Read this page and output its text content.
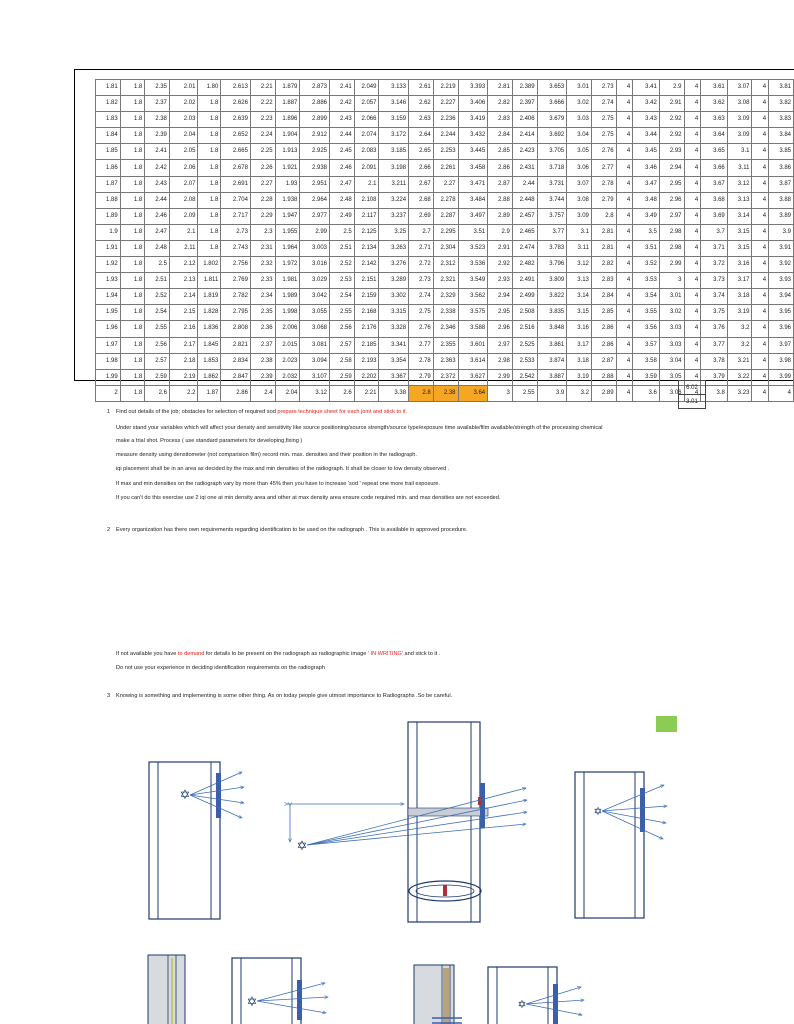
1.81	1.8	2.35	2.01	1.80	2.613	2.21	1.879	2.873	2.41	2.049	3.133	2.61	2.219	3.393	2.81	2.389	3.653	3.01	2.73	4	3.41	2.9	4	3.61	3.07	4	3.81
1.82	1.8	2.37	2.02	1.8	2.626	2.22	1.887	2.886	2.42	2.057	3.146	2.62	2.227	3.406	2.82	2.397	3.666	3.02	2.74	4	3.42	2.91	4	3.62	3.08	4	3.82
1.83	1.8	2.38	2.03	1.8	2.639	2.23	1.896	2.899	2.43	2.066	3.159	2.63	2.236	3.419	2.83	2.406	3.679	3.03	2.75	4	3.43	2.92	4	3.63	3.09	4	3.83
1.84	1.8	2.39	2.04	1.8	2.652	2.24	1.904	2.912	2.44	2.074	3.172	2.64	2.244	3.432	2.84	2.414	3.692	3.04	2.75	4	3.44	2.92	4	3.64	3.09	4	3.84
1.85	1.8	2.41	2.05	1.8	2.665	2.25	1.913	2.925	2.45	2.083	3.185	2.65	2.253	3.445	2.85	2.423	3.705	3.05	2.76	4	3.45	2.93	4	3.65	3.1	4	3.85
1.86	1.8	2.42	2.06	1.8	2.678	2.26	1.921	2.938	2.46	2.091	3.198	2.66	2.261	3.458	2.86	2.431	3.718	3.06	2.77	4	3.46	2.94	4	3.66	3.11	4	3.86
1.87	1.8	2.43	2.07	1.8	2.691	2.27	1.93	2.951	2.47	2.1	3.211	2.67	2.27	3.471	2.87	2.44	3.731	3.07	2.78	4	3.47	2.95	4	3.67	3.12	4	3.87
1.88	1.8	2.44	2.08	1.8	2.704	2.28	1.938	2.964	2.48	2.108	3.224	2.68	2.278	3.484	2.88	2.448	3.744	3.08	2.79	4	3.48	2.96	4	3.68	3.13	4	3.88
1.89	1.8	2.46	2.09	1.8	2.717	2.29	1.947	2.977	2.49	2.117	3.237	2.69	2.287	3.497	2.89	2.457	3.757	3.09	2.8	4	3.49	2.97	4	3.69	3.14	4	3.89
1.9	1.8	2.47	2.1	1.8	2.73	2.3	1.955	2.99	2.5	2.125	3.25	2.7	2.295	3.51	2.9	2.465	3.77	3.1	2.81	4	3.5	2.98	4	3.7	3.15	4	3.9
1.91	1.8	2.48	2.11	1.8	2.743	2.31	1.964	3.003	2.51	2.134	3.263	2.71	2.304	3.523	2.91	2.474	3.783	3.11	2.81	4	3.51	2.98	4	3.71	3.15	4	3.91
1.92	1.8	2.5	2.12	1.802	2.756	2.32	1.972	3.016	2.52	2.142	3.276	2.72	2.312	3.536	2.92	2.482	3.796	3.12	2.82	4	3.52	2.99	4	3.72	3.16	4	3.92
1.93	1.8	2.51	2.13	1.811	2.769	2.33	1.981	3.029	2.53	2.151	3.289	2.73	2.321	3.549	2.93	2.491	3.809	3.13	2.83	4	3.53	3	4	3.73	3.17	4	3.93
1.94	1.8	2.52	2.14	1.819	2.782	2.34	1.989	3.042	2.54	2.159	3.302	2.74	2.329	3.562	2.94	2.499	3.822	3.14	2.84	4	3.54	3.01	4	3.74	3.18	4	3.94
1.95	1.8	2.54	2.15	1.828	2.795	2.35	1.998	3.055	2.55	2.168	3.315	2.75	2.338	3.575	2.95	2.508	3.835	3.15	2.85	4	3.55	3.02	4	3.75	3.19	4	3.95
1.96	1.8	2.55	2.16	1.836	2.808	2.36	2.006	3.068	2.56	2.176	3.328	2.76	2.346	3.588	2.96	2.516	3.848	3.16	2.86	4	3.56	3.03	4	3.76	3.2	4	3.96
1.97	1.8	2.56	2.17	1.845	2.821	2.37	2.015	3.081	2.57	2.185	3.341	2.77	2.355	3.601	2.97	2.525	3.861	3.17	2.86	4	3.57	3.03	4	3.77	3.2	4	3.97
1.98	1.8	2.57	2.18	1.853	2.834	2.38	2.023	3.094	2.58	2.193	3.354	2.78	2.363	3.614	2.98	2.533	3.874	3.18	2.87	4	3.58	3.04	4	3.78	3.21	4	3.98
1.99	1.8	2.59	2.19	1.862	2.847	2.39	2.032	3.107	2.59	2.202	3.367	2.79	2.372	3.627	2.99	2.542	3.887	3.19	2.88	4	3.59	3.05	4	3.79	3.22	4	3.99
2	1.8	2.6	2.2	1.87	2.86	2.4	2.04	3.12	2.6	2.21	3.38	2.8	2.38	3.64	3	2.55	3.9	3.2	2.89	4	3.6	3.06	4	3.8	3.23	4	4
6.02
3.01
1 Find out details of the job; obstacles for selection of required sod prepare technique sheet for each joint and stick to it.
Under stand your variables which will affect your density and sensitivity like source positioning/source strength/source type/exposure time available/film available/strength of the processing chemical
make a trial shot. Process ( use standard parameters for developing,fixing )
measure density using densitometer (not comparision film) record min. max. densities and their position in the radiograph.
iqi placement shall be in an area as decided by the max and min densities of the radiograph. It shall be closer to low density observed .
If max and min densities on the radiograph vary by more than 45% then you have to increase 'sod ' repeat one more trail exposure.
If you can't do this exercise use 2 iqi one at min density area and other at max density area ensure code required min. and max densities are not exceeded.
2 Every organization has there own requirements regarding identification to be used on the radiograph . This is available in approved procedure.
If not available you have to demand for details to be present on the radiograph as radiographic image ' IN WRITING' and stick to it .
Do not use your experience in deciding identification requirements on the radiograph
3 Knowing is something and implementing is some other thing. As on today people give utmost importance to Radiographs .So be careful.
✡
✡
✡
✡	✡
